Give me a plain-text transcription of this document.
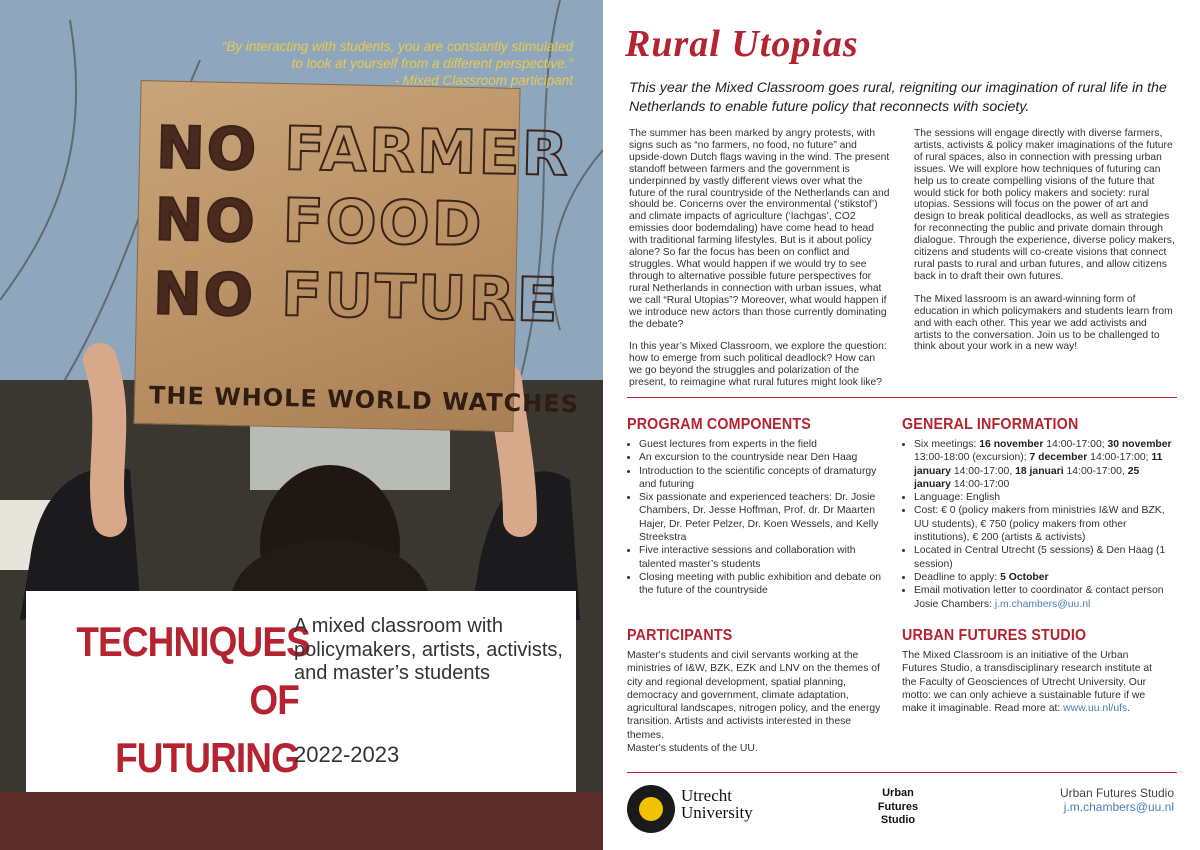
NO FARMER
NO FOOD
NO FUTURE
THE WHOLE WORLD WATCHES
“By interacting with students, you are constantly stimulated
to look at yourself from a different perspective.”
- Mixed Classroom participant
TECHNIQUES
OF
FUTURING
A mixed classroom with policymakers, artists, activists, and master’s students
2022-2023
Rural Utopias
This year the Mixed Classroom goes rural, reigniting our imagination of rural life in the Netherlands to enable future policy that reconnects with society.

The summer has been marked by angry protests, with signs such as “no farmers, no food, no future” and upside-down Dutch flags waving in the wind. The present standoff between farmers and the government is underpinned by vastly different views over what the future of the rural countryside of the Netherlands can and should be. Concerns over the environmental (‘stikstof’) and climate impacts of agriculture (‘lachgas’, CO2 emissies door bodemdaling) have come head to head with traditional farming lifestyles. But is it about policy alone? So far the focus has been on conflict and struggles. What would happen if we would try to see through to alternative possible future perspectives for rural Netherlands in connection with urban issues, what we call “Rural Utopias”? Moreover, what would happen if we introduce new actors than those currently dominating the debate?

In this year’s Mixed Classroom, we explore the question: how to emerge from such political deadlock? How can we go beyond the struggles and polarization of the present, to reimagine what rural futures might look like?

The sessions will engage directly with diverse farmers, artists, activists & policy maker imaginations of the future of rural spaces, also in connection with pressing urban issues. We will explore how techniques of futuring can help us to create compelling visions of the future that would stick for both policy makers and society: rural utopias. Sessions will focus on the power of art and design to break political deadlocks, as well as strategies for reconnecting the public and private domain through dialogue. Through the experience, diverse policy makers, citizens and students will co-create visions that connect rural pasts to rural and urban futures, and allow citizens back in to draft their own futures.

The Mixed lassroom is an award-winning form of education in which policymakers and students learn from and with each other. This year we add activists and artists to the conversation. Join us to be challenged to think about your work in a new way!

PROGRAM COMPONENTS
• Guest lectures from experts in the field
• An excursion to the countryside near Den Haag
• Introduction to the scientific concepts of dramaturgy and futuring
• Six passionate and experienced teachers: Dr. Josie Chambers, Dr. Jesse Hoffman, Prof. dr. Dr Maarten Hajer, Dr. Peter Pelzer, Dr. Koen Wessels, and Kelly Streekstra
• Five interactive sessions and collaboration with talented master’s students
• Closing meeting with public exhibition and debate on the future of the countryside
GENERAL INFORMATION
• Six meetings: 16 november 14:00-17:00; 30 november 13:00-18:00 (excursion); 7 december 14:00-17:00; 11 january 14:00-17:00, 18 januari 14:00-17:00, 25 january 14:00-17:00
• Language: English
• Cost: € 0 (policy makers from ministries I&W and BZK, UU students), € 750 (policy makers from other institutions), € 200 (artists & activists)
• Located in Central Utrecht (5 sessions) & Den Haag (1 session)
• Deadline to apply: 5 October
• Email motivation letter to coordinator & contact person Josie Chambers: j.m.chambers@uu.nl
PARTICIPANTS
Master's students and civil servants working at the ministries of I&W, BZK, EZK and LNV on the themes of city and regional development, spatial planning, democracy and government, climate adaptation, agricultural landscapes, nitrogen policy, and the energy transition. Artists and activists interested in these themes.
Master's students of the UU.
URBAN FUTURES STUDIO
The Mixed Classroom is an initiative of the Urban Futures Studio, a transdisciplinary research institute at the Faculty of Geosciences of Utrecht University. Our motto: we can only achieve a sustainable future if we make it imaginable. Read more at: www.uu.nl/ufs.
Utrecht
University
Urban
Futures
Studio
Urban Futures Studio
j.m.chambers@uu.nl
